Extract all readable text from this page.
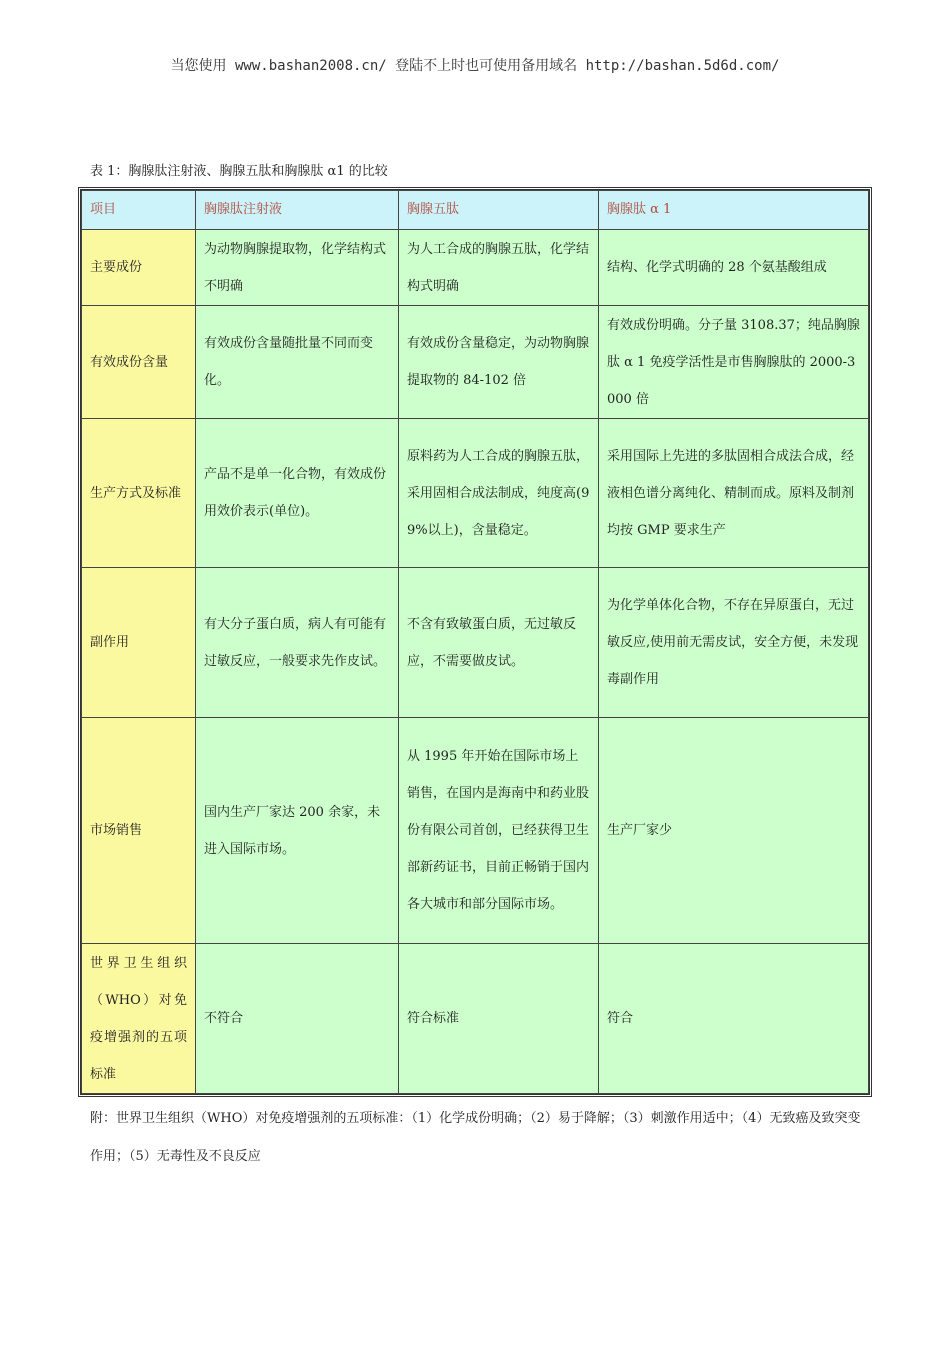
当您使用 www.bashan2008.cn/ 登陆不上时也可使用备用域名 http://bashan.5d6d.com/
表 1：胸腺肽注射液、胸腺五肽和胸腺肽 α1 的比较
项目	胸腺肽注射液	胸腺五肽	胸腺肽 α 1
主要成份	为动物胸腺提取物，化学结构式不明确	为人工合成的胸腺五肽，化学结构式明确	结构、化学式明确的 28 个氨基酸组成
有效成份含量	有效成份含量随批量不同而变化。	有效成份含量稳定，为动物胸腺提取物的 84-102 倍	有效成份明确。分子量 3108.37；纯品胸腺肽 α 1 免疫学活性是市售胸腺肽的 2000-3000 倍
生产方式及标准	产品不是单一化合物，有效成份用效价表示(单位)。	原料药为人工合成的胸腺五肽，采用固相合成法制成，纯度高(99%以上)，含量稳定。	采用国际上先进的多肽固相合成法合成，经液相色谱分离纯化、精制而成。原料及制剂均按 GMP 要求生产
副作用	有大分子蛋白质，病人有可能有过敏反应，一般要求先作皮试。	不含有致敏蛋白质，无过敏反应，不需要做皮试。	为化学单体化合物，不存在异原蛋白，无过敏反应,使用前无需皮试，安全方便，未发现毒副作用
市场销售	国内生产厂家达 200 余家，未进入国际市场。	从 1995 年开始在国际市场上销售，在国内是海南中和药业股份有限公司首创，已经获得卫生部新药证书，目前正畅销于国内各大城市和部分国际市场。	生产厂家少
世界卫生组织（WHO）对免疫增强剂的五项标准	不符合	符合标准	符合
附：世界卫生组织（WHO）对免疫增强剂的五项标准：（1）化学成份明确；（2）易于降解；（3）刺激作用适中；（4）无致癌及致突变作用；（5）无毒性及不良反应
